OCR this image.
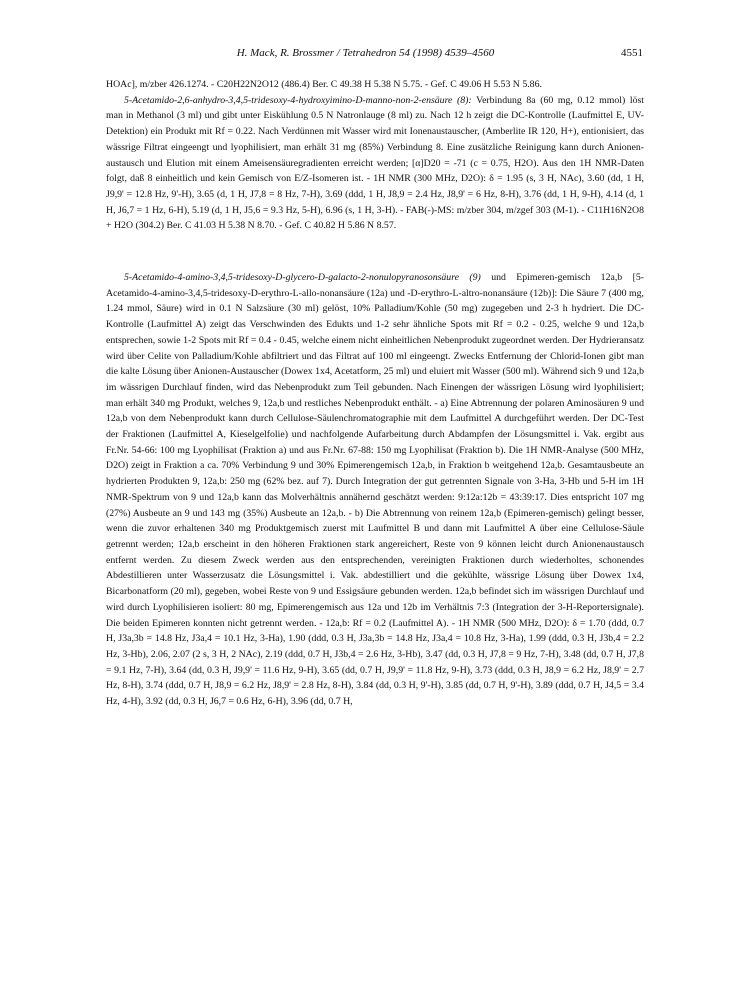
H. Mack, R. Brossmer / Tetrahedron 54 (1998) 4539–4560	4551

HOAc], m/zber 426.1274. - C20H22N2O12 (486.4) Ber. C 49.38 H 5.38 N 5.75. - Gef. C 49.06 H 5.53 N 5.86.

5-Acetamido-2,6-anhydro-3,4,5-tridesoxy-4-hydroxyimino-D-manno-non-2-ensäure (8): Verbindung 8a (60 mg, 0.12 mmol) löst man in Methanol (3 ml) und gibt unter Eiskühlung 0.5 N Natronlauge (8 ml) zu. Nach 12 h zeigt die DC-Kontrolle (Laufmittel E, UV-Detektion) ein Produkt mit Rf = 0.22. Nach Verdünnen mit Wasser wird mit Ionenaustauscher, (Amberlite IR 120, H+), entionisiert, das wässrige Filtrat eingeengt und lyophilisiert, man erhält 31 mg (85%) Verbindung 8. Eine zusätzliche Reinigung kann durch Anionen-austausch und Elution mit einem Ameisensäuregradienten erreicht werden; [α]D20 = -71 (c = 0.75, H2O). Aus den 1H NMR-Daten folgt, daß 8 einheitlich und kein Gemisch von E/Z-Isomeren ist. - 1H NMR (300 MHz, D2O): δ = 1.95 (s, 3 H, NAc), 3.60 (dd, 1 H, J9,9' = 12.8 Hz, 9'-H), 3.65 (d, 1 H, J7,8 = 8 Hz, 7-H), 3.69 (ddd, 1 H, J8,9 = 2.4 Hz, J8,9' = 6 Hz, 8-H), 3.76 (dd, 1 H, 9-H), 4.14 (d, 1 H, J6,7 = 1 Hz, 6-H), 5.19 (d, 1 H, J5,6 = 9.3 Hz, 5-H), 6.96 (s, 1 H, 3-H). - FAB(-)-MS: m/zber 304, m/zgef 303 (M-1). - C11H16N2O8 + H2O (304.2) Ber. C 41.03 H 5.38 N 8.70. - Gef. C 40.82 H 5.86 N 8.57.

5-Acetamido-4-amino-3,4,5-tridesoxy-D-glycero-D-galacto-2-nonulopyranosonsäure (9) und Epimeren-gemisch 12a,b [5-Acetamido-4-amino-3,4,5-tridesoxy-D-erythro-L-allo-nonansäure (12a) und -D-erythro-L-altro-nonansäure (12b)]: Die Säure 7 (400 mg, 1.24 mmol, Säure) wird in 0.1 N Salzsäure (30 ml) gelöst, 10% Palladium/Kohle (50 mg) zugegeben und 2-3 h hydriert. Die DC-Kontrolle (Laufmittel A) zeigt das Verschwinden des Edukts und 1-2 sehr ähnliche Spots mit Rf = 0.2 - 0.25, welche 9 und 12a,b entsprechen, sowie 1-2 Spots mit Rf = 0.4 - 0.45, welche einem nicht einheitlichen Nebenprodukt zugeordnet werden. Der Hydrieransatz wird über Celite von Palladium/Kohle abfiltriert und das Filtrat auf 100 ml eingeengt. Zwecks Entfernung der Chlorid-Ionen gibt man die kalte Lösung über Anionen-Austauscher (Dowex 1x4, Acetatform, 25 ml) und eluiert mit Wasser (500 ml). Während sich 9 und 12a,b im wässrigen Durchlauf finden, wird das Nebenprodukt zum Teil gebunden. Nach Einengen der wässrigen Lösung wird lyophilisiert; man erhält 340 mg Produkt, welches 9, 12a,b und restliches Nebenprodukt enthält. - a) Eine Abtrennung der polaren Aminosäuren 9 und 12a,b von dem Nebenprodukt kann durch Cellulose-Säulenchromatographie mit dem Laufmittel A durchgeführt werden. Der DC-Test der Fraktionen (Laufmittel A, Kieselgelfolie) und nachfolgende Aufarbeitung durch Abdampfen der Lösungsmittel i. Vak. ergibt aus Fr.Nr. 54-66: 100 mg Lyophilisat (Fraktion a) und aus Fr.Nr. 67-88: 150 mg Lyophilisat (Fraktion b). Die 1H NMR-Analyse (500 MHz, D2O) zeigt in Fraktion a ca. 70% Verbindung 9 und 30% Epimerengemisch 12a,b, in Fraktion b weitgehend 12a,b. Gesamtausbeute an hydrierten Produkten 9, 12a,b: 250 mg (62% bez. auf 7). Durch Integration der gut getrennten Signale von 3-Ha, 3-Hb und 5-H im 1H NMR-Spektrum von 9 und 12a,b kann das Molverhältnis annähernd geschätzt werden: 9:12a:12b = 43:39:17. Dies entspricht 107 mg (27%) Ausbeute an 9 und 143 mg (35%) Ausbeute an 12a,b. - b) Die Abtrennung von reinem 12a,b (Epimeren-gemisch) gelingt besser, wenn die zuvor erhaltenen 340 mg Produktgemisch zuerst mit Laufmittel B und dann mit Laufmittel A über eine Cellulose-Säule getrennt werden; 12a,b erscheint in den höheren Fraktionen stark angereichert, Reste von 9 können leicht durch Anionenaustausch entfernt werden. Zu diesem Zweck werden aus den entsprechenden, vereinigten Fraktionen durch wiederholtes, schonendes Abdestillieren unter Wasserzusatz die Lösungsmittel i. Vak. abdestilliert und die gekühlte, wässrige Lösung über Dowex 1x4, Bicarbonatform (20 ml), gegeben, wobei Reste von 9 und Essigsäure gebunden werden. 12a,b befindet sich im wässrigen Durchlauf und wird durch Lyophilisieren isoliert: 80 mg, Epimerengemisch aus 12a und 12b im Verhältnis 7:3 (Integration der 3-H-Reportersignale). Die beiden Epimeren konnten nicht getrennt werden. - 12a,b: Rf = 0.2 (Laufmittel A). - 1H NMR (500 MHz, D2O): δ = 1.70 (ddd, 0.7 H, J3a,3b = 14.8 Hz, J3a,4 = 10.1 Hz, 3-Ha), 1.90 (ddd, 0.3 H, J3a,3b = 14.8 Hz, J3a,4 = 10.8 Hz, 3-Ha), 1.99 (ddd, 0.3 H, J3b,4 = 2.2 Hz, 3-Hb), 2.06, 2.07 (2 s, 3 H, 2 NAc), 2.19 (ddd, 0.7 H, J3b,4 = 2.6 Hz, 3-Hb), 3.47 (dd, 0.3 H, J7,8 = 9 Hz, 7-H), 3.48 (dd, 0.7 H, J7,8 = 9.1 Hz, 7-H), 3.64 (dd, 0.3 H, J9,9' = 11.6 Hz, 9-H), 3.65 (dd, 0.7 H, J9,9' = 11.8 Hz, 9-H), 3.73 (ddd, 0.3 H, J8,9 = 6.2 Hz, J8,9' = 2.7 Hz, 8-H), 3.74 (ddd, 0.7 H, J8,9 = 6.2 Hz, J8,9' = 2.8 Hz, 8-H), 3.84 (dd, 0.3 H, 9'-H), 3.85 (dd, 0.7 H, 9'-H), 3.89 (ddd, 0.7 H, J4,5 = 3.4 Hz, 4-H), 3.92 (dd, 0.3 H, J6,7 = 0.6 Hz, 6-H), 3.96 (dd, 0.7 H,
